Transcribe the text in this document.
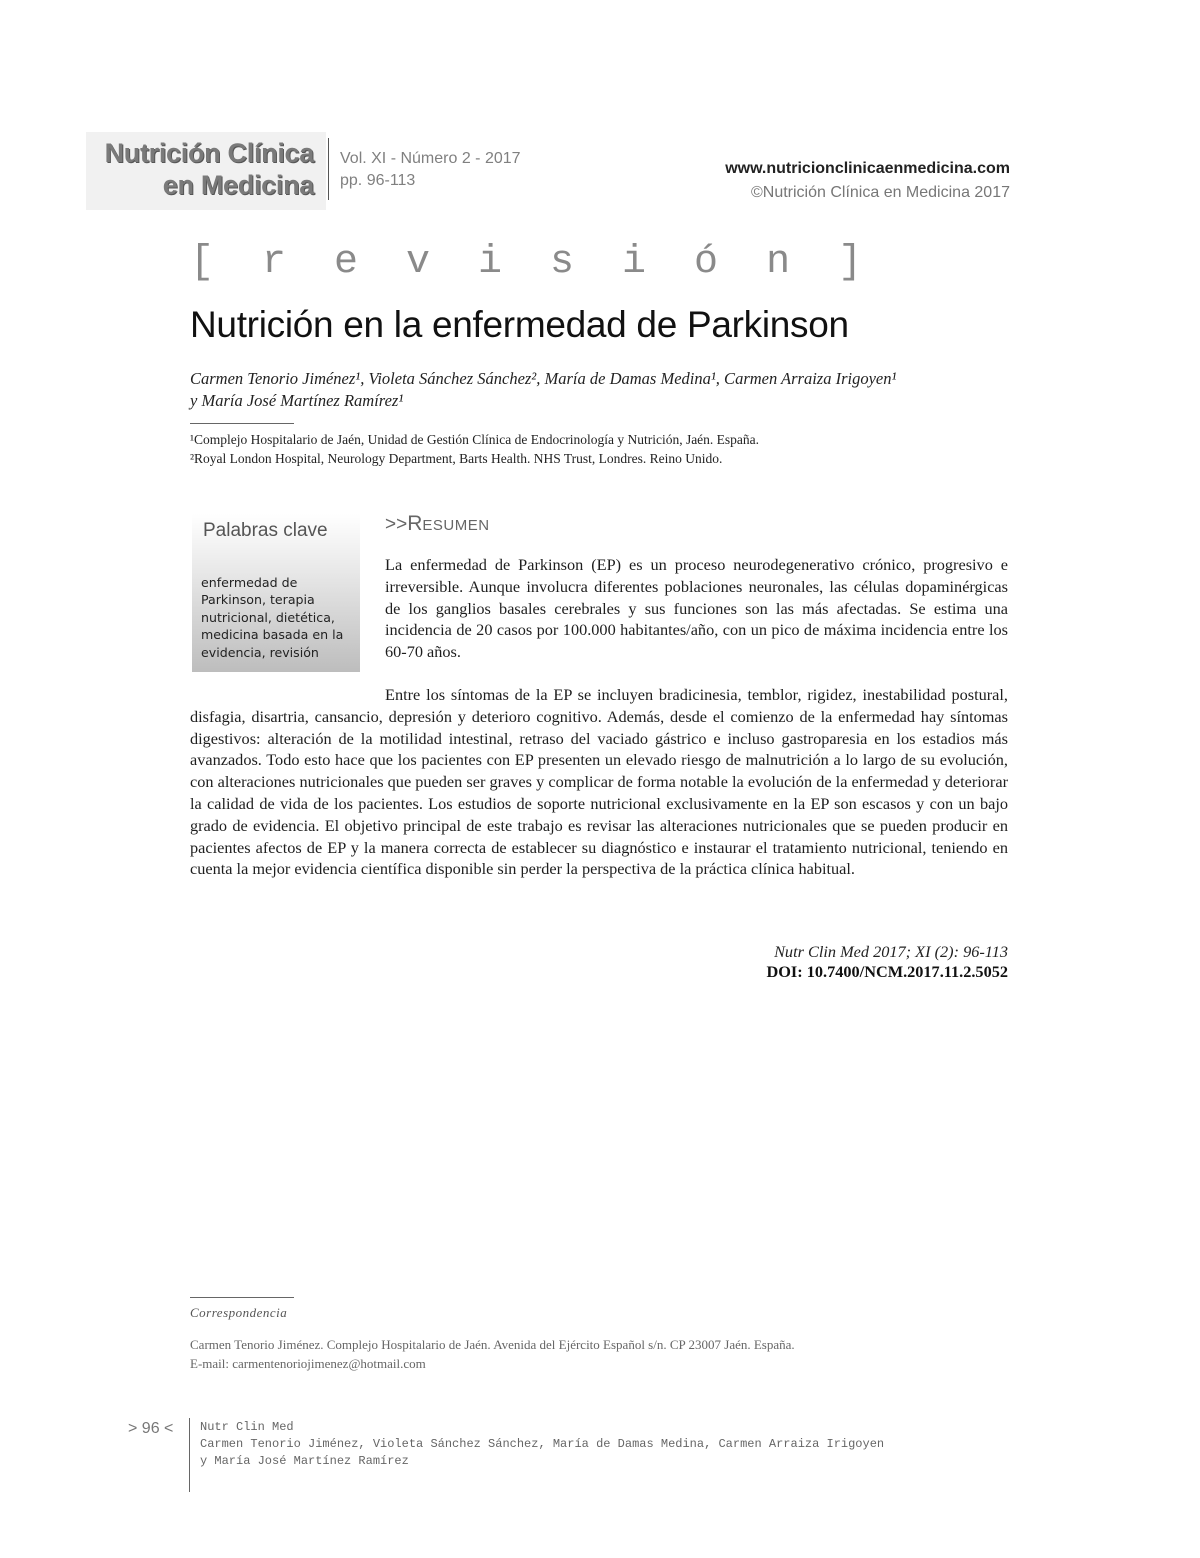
Nutrición Clínica
en Medicina
Vol. XI - Número 2 - 2017
pp. 96-113
www.nutricionclinicaenmedicina.com
©Nutrición Clínica en Medicina 2017
[ r e v i s i ó n ]
Nutrición en la enfermedad de Parkinson
Carmen Tenorio Jiménez¹, Violeta Sánchez Sánchez², María de Damas Medina¹, Carmen Arraiza Irigoyen¹
y María José Martínez Ramírez¹
¹Complejo Hospitalario de Jaén, Unidad de Gestión Clínica de Endocrinología y Nutrición, Jaén. España.
²Royal London Hospital, Neurology Department, Barts Health. NHS Trust, Londres. Reino Unido.
Palabras clave
enfermedad de Parkinson, terapia nutricional, dietética, medicina basada en la evidencia, revisión
>>RESUMEN

La enfermedad de Parkinson (EP) es un proceso neurodegenerativo crónico, progresivo e irreversible. Aunque involucra diferentes poblaciones neuronales, las células dopaminérgicas de los ganglios basales cerebrales y sus funciones son las más afectadas. Se estima una incidencia de 20 casos por 100.000 habitantes/año, con un pico de máxima incidencia entre los 60-70 años.

Entre los síntomas de la EP se incluyen bradicinesia, temblor, rigidez, inestabilidad postural, disfagia, disartria, cansancio, depresión y deterioro cognitivo. Además, desde el comienzo de la enfermedad hay síntomas digestivos: alteración de la motilidad intestinal, retraso del vaciado gástrico e incluso gastroparesia en los estadios más avanzados. Todo esto hace que los pacientes con EP presenten un elevado riesgo de malnutrición a lo largo de su evolución, con alteraciones nutricionales que pueden ser graves y complicar de forma notable la evolución de la enfermedad y deteriorar la calidad de vida de los pacientes. Los estudios de soporte nutricional exclusivamente en la EP son escasos y con un bajo grado de evidencia. El objetivo principal de este trabajo es revisar las alteraciones nutricionales que se pueden producir en pacientes afectos de EP y la manera correcta de establecer su diagnóstico e instaurar el tratamiento nutricional, teniendo en cuenta la mejor evidencia científica disponible sin perder la perspectiva de la práctica clínica habitual.

Nutr Clin Med 2017; XI (2): 96-113
DOI: 10.7400/NCM.2017.11.2.5052
Correspondencia
Carmen Tenorio Jiménez. Complejo Hospitalario de Jaén. Avenida del Ejército Español s/n. CP 23007 Jaén. España.
E-mail: carmentenoriojimenez@hotmail.com
> 96 < Nutr Clin Med
Carmen Tenorio Jiménez, Violeta Sánchez Sánchez, María de Damas Medina, Carmen Arraiza Irigoyen
y María José Martínez Ramírez
